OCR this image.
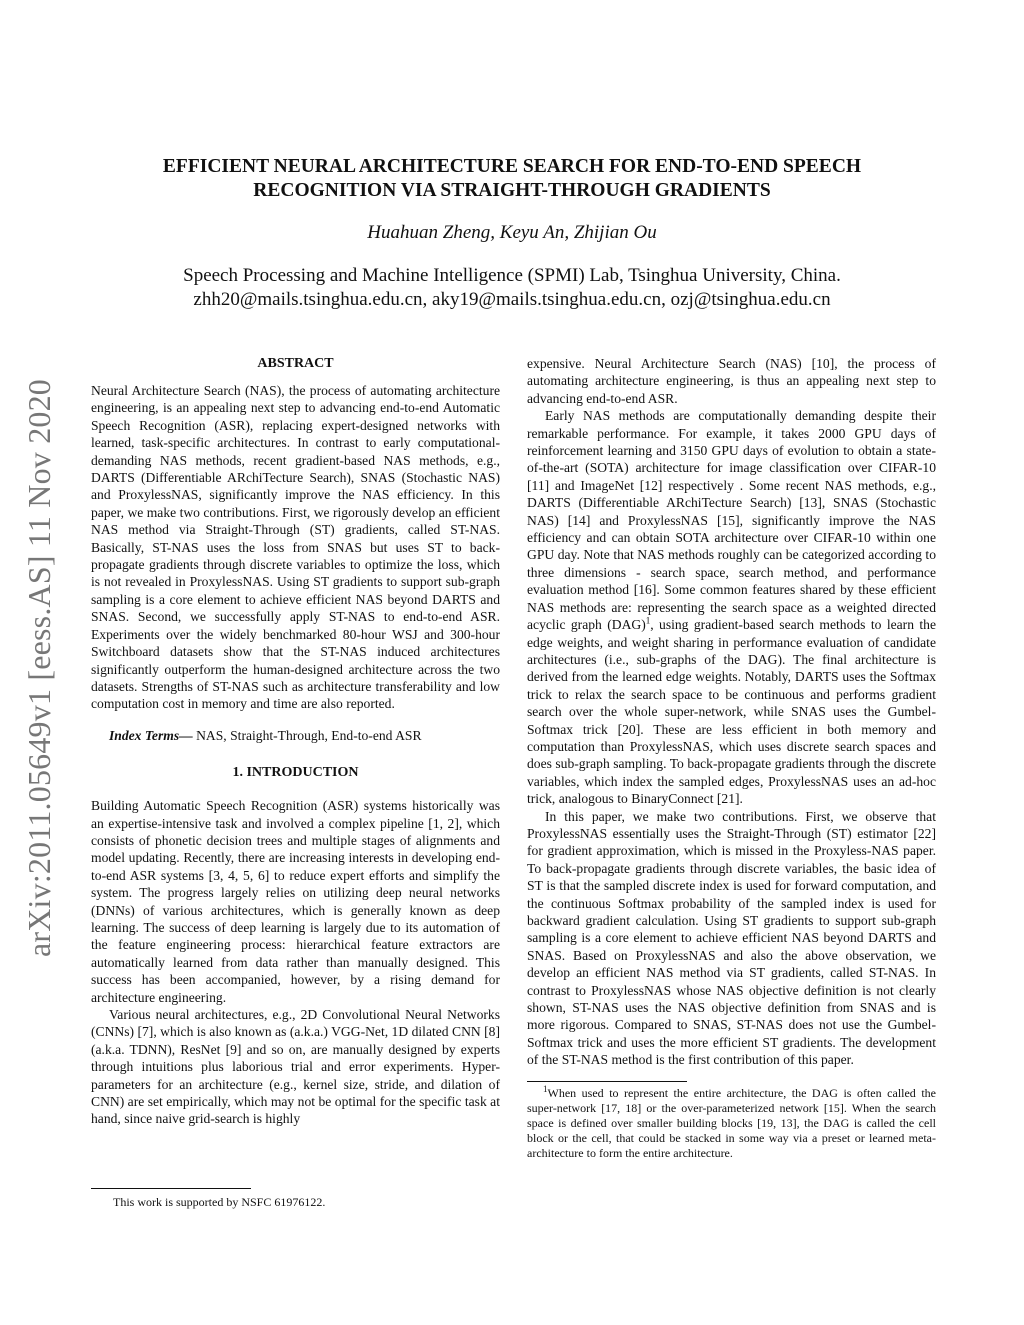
arXiv:2011.05649v1 [eess.AS] 11 Nov 2020
EFFICIENT NEURAL ARCHITECTURE SEARCH FOR END-TO-END SPEECH
RECOGNITION VIA STRAIGHT-THROUGH GRADIENTS
Huahuan Zheng, Keyu An, Zhijian Ou
Speech Processing and Machine Intelligence (SPMI) Lab, Tsinghua University, China.
zhh20@mails.tsinghua.edu.cn, aky19@mails.tsinghua.edu.cn, ozj@tsinghua.edu.cn
ABSTRACT

Neural Architecture Search (NAS), the process of automating architecture engineering, is an appealing next step to advancing end-to-end Automatic Speech Recognition (ASR), replacing expert-designed networks with learned, task-specific architectures. In contrast to early computational-demanding NAS methods, recent gradient-based NAS methods, e.g., DARTS (Differentiable ARchiTecture Search), SNAS (Stochastic NAS) and ProxylessNAS, significantly improve the NAS efficiency. In this paper, we make two contributions. First, we rigorously develop an efficient NAS method via Straight-Through (ST) gradients, called ST-NAS. Basically, ST-NAS uses the loss from SNAS but uses ST to back-propagate gradients through discrete variables to optimize the loss, which is not revealed in ProxylessNAS. Using ST gradients to support sub-graph sampling is a core element to achieve efficient NAS beyond DARTS and SNAS. Second, we successfully apply ST-NAS to end-to-end ASR. Experiments over the widely benchmarked 80-hour WSJ and 300-hour Switchboard datasets show that the ST-NAS induced architectures significantly outperform the human-designed architecture across the two datasets. Strengths of ST-NAS such as architecture transferability and low computation cost in memory and time are also reported.

Index Terms— NAS, Straight-Through, End-to-end ASR

1. INTRODUCTION

Building Automatic Speech Recognition (ASR) systems historically was an expertise-intensive task and involved a complex pipeline [1, 2], which consists of phonetic decision trees and multiple stages of alignments and model updating. Recently, there are increasing interests in developing end-to-end ASR systems [3, 4, 5, 6] to reduce expert efforts and simplify the system. The progress largely relies on utilizing deep neural networks (DNNs) of various architectures, which is generally known as deep learning. The success of deep learning is largely due to its automation of the feature engineering process: hierarchical feature extractors are automatically learned from data rather than manually designed. This success has been accompanied, however, by a rising demand for architecture engineering.

Various neural architectures, e.g., 2D Convolutional Neural Networks (CNNs) [7], which is also known as (a.k.a.) VGG-Net, 1D dilated CNN [8] (a.k.a. TDNN), ResNet [9] and so on, are manually designed by experts through intuitions plus laborious trial and error experiments. Hyper-parameters for an architecture (e.g., kernel size, stride, and dilation of CNN) are set empirically, which may not be optimal for the specific task at hand, since naive grid-search is highly

This work is supported by NSFC 61976122.

expensive. Neural Architecture Search (NAS) [10], the process of automating architecture engineering, is thus an appealing next step to advancing end-to-end ASR.

Early NAS methods are computationally demanding despite their remarkable performance. For example, it takes 2000 GPU days of reinforcement learning and 3150 GPU days of evolution to obtain a state-of-the-art (SOTA) architecture for image classification over CIFAR-10 [11] and ImageNet [12] respectively . Some recent NAS methods, e.g., DARTS (Differentiable ARchiTecture Search) [13], SNAS (Stochastic NAS) [14] and ProxylessNAS [15], significantly improve the NAS efficiency and can obtain SOTA architecture over CIFAR-10 within one GPU day. Note that NAS methods roughly can be categorized according to three dimensions - search space, search method, and performance evaluation method [16]. Some common features shared by these efficient NAS methods are: representing the search space as a weighted directed acyclic graph (DAG)$^1$, using gradient-based search methods to learn the edge weights, and weight sharing in performance evaluation of candidate architectures (i.e., sub-graphs of the DAG). The final architecture is derived from the learned edge weights. Notably, DARTS uses the Softmax trick to relax the search space to be continuous and performs gradient search over the whole super-network, while SNAS uses the Gumbel-Softmax trick [20]. These are less efficient in both memory and computation than ProxylessNAS, which uses discrete search spaces and does sub-graph sampling. To back-propagate gradients through the discrete variables, which index the sampled edges, ProxylessNAS uses an ad-hoc trick, analogous to BinaryConnect [21].

In this paper, we make two contributions. First, we observe that ProxylessNAS essentially uses the Straight-Through (ST) estimator [22] for gradient approximation, which is missed in the Proxyless-NAS paper. To back-propagate gradients through discrete variables, the basic idea of ST is that the sampled discrete index is used for forward computation, and the continuous Softmax probability of the sampled index is used for backward gradient calculation. Using ST gradients to support sub-graph sampling is a core element to achieve efficient NAS beyond DARTS and SNAS. Based on ProxylessNAS and also the above observation, we develop an efficient NAS method via ST gradients, called ST-NAS. In contrast to ProxylessNAS whose NAS objective definition is not clearly shown, ST-NAS uses the NAS objective definition from SNAS and is more rigorous. Compared to SNAS, ST-NAS does not use the Gumbel-Softmax trick and uses the more efficient ST gradients. The development of the ST-NAS method is the first contribution of this paper.

$^1$When used to represent the entire architecture, the DAG is often called the super-network [17, 18] or the over-parameterized network [15]. When the search space is defined over smaller building blocks [19, 13], the DAG is called the cell block or the cell, that could be stacked in some way via a preset or learned meta-architecture to form the entire architecture.
